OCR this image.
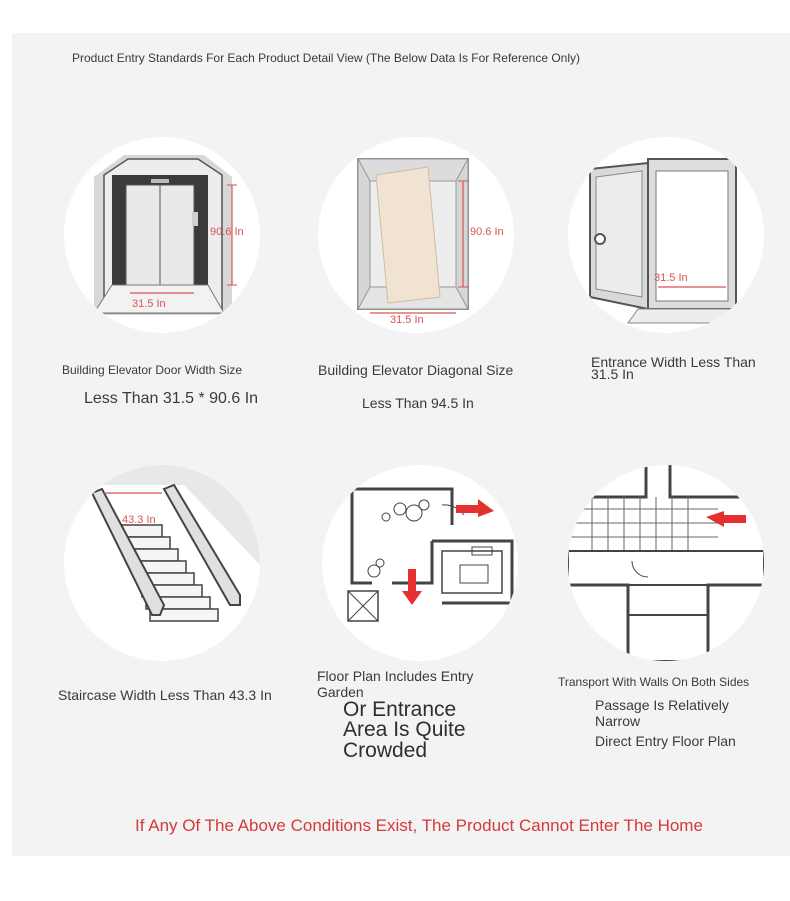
Product Entry Standards For Each Product Detail View (The Below Data Is For Reference Only)
90.6 In
31.5 In
90.6 In
31.5 In
31.5 In
Building Elevator Door Width Size
Less Than 31.5 * 90.6 In
Building Elevator Diagonal Size
Less Than 94.5 In
Entrance Width Less Than
31.5 In
43.3 In
Staircase Width Less Than 43.3 In
Floor Plan Includes Entry
Garden
Or Entrance
Area Is Quite
Crowded
Transport With Walls On Both Sides
Passage Is Relatively
Narrow
Direct Entry Floor Plan
If Any Of The Above Conditions Exist, The Product Cannot Enter The Home
